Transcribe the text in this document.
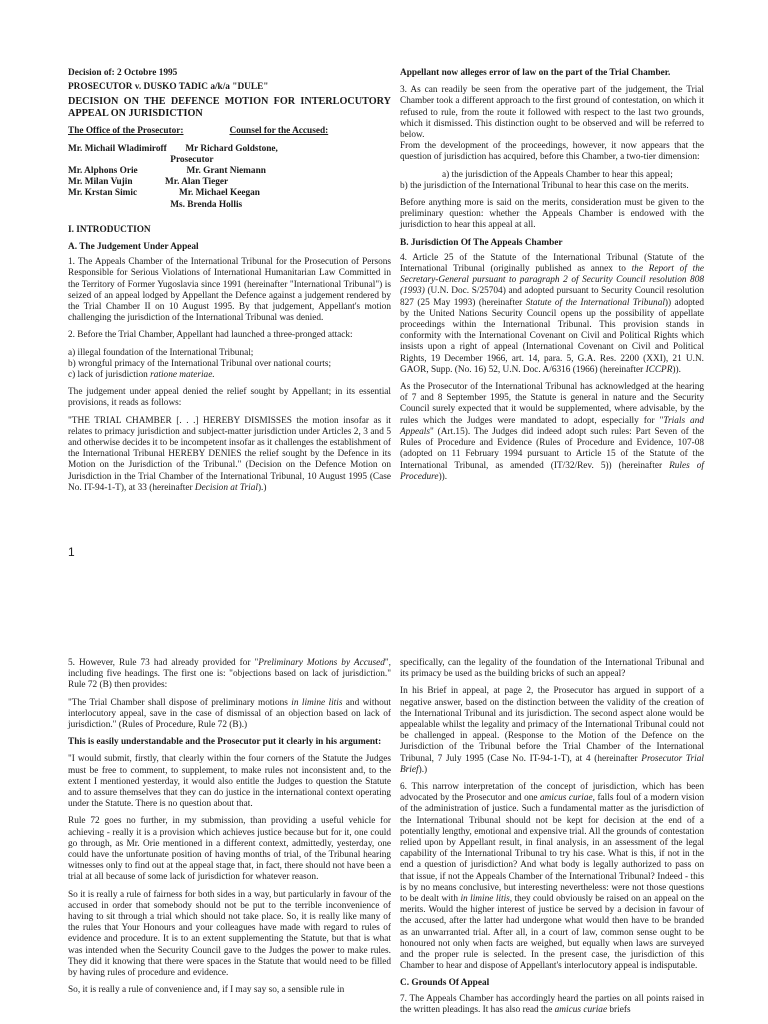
Decision of: 2 Octobre 1995
PROSECUTOR v. DUSKO TADIC a/k/a "DULE"
DECISION ON THE DEFENCE MOTION FOR INTERLOCUTORY APPEAL ON JURISDICTION
The Office of the Prosecutor:	Counsel for the Accused:
Mr. Michail Wladimiroff        Mr Richard Goldstone,
Prosecutor
Mr. Alphons Orie                     Mr. Grant Niemann
Mr. Milan Vujin              Mr. Alan Tieger
Mr. Krstan Simic                  Mr. Michael Keegan
Ms. Brenda Hollis
I. INTRODUCTION
A. The Judgement Under Appeal

1. The Appeals Chamber of the International Tribunal for the Prosecution of Persons Responsible for Serious Violations of International Humanitarian Law Committed in the Territory of Former Yugoslavia since 1991 (hereinafter "International Tribunal") is seized of an appeal lodged by Appellant the Defence against a judgement rendered by the Trial Chamber II on 10 August 1995. By that judgement, Appellant's motion challenging the jurisdiction of the International Tribunal was denied.

2. Before the Trial Chamber, Appellant had launched a three-pronged attack:

a) illegal foundation of the International Tribunal;
b) wrongful primacy of the International Tribunal over national courts;
c) lack of jurisdiction ratione materiae.

The judgement under appeal denied the relief sought by Appellant; in its essential provisions, it reads as follows:

"THE TRIAL CHAMBER [. . .] HEREBY DISMISSES the motion insofar as it relates to primacy jurisdiction and subject-matter jurisdiction under Articles 2, 3 and 5 and otherwise decides it to be incompetent insofar as it challenges the establishment of the International Tribunal HEREBY DENIES the relief sought by the Defence in its Motion on the Jurisdiction of the Tribunal." (Decision on the Defence Motion on Jurisdiction in the Trial Chamber of the International Tribunal, 10 August 1995 (Case No. IT-94-1-T), at 33 (hereinafter Decision at Trial).)

Appellant now alleges error of law on the part of the Trial Chamber.

3. As can readily be seen from the operative part of the judgement, the Trial Chamber took a different approach to the first ground of contestation, on which it refused to rule, from the route it followed with respect to the last two grounds, which it dismissed. This distinction ought to be observed and will be referred to below.

From the development of the proceedings, however, it now appears that the question of jurisdiction has acquired, before this Chamber, a two-tier dimension:

a) the jurisdiction of the Appeals Chamber to hear this appeal;

b) the jurisdiction of the International Tribunal to hear this case on the merits.

Before anything more is said on the merits, consideration must be given to the preliminary question: whether the Appeals Chamber is endowed with the jurisdiction to hear this appeal at all.

B. Jurisdiction Of The Appeals Chamber

4. Article 25 of the Statute of the International Tribunal (Statute of the International Tribunal (originally published as annex to the Report of the Secretary-General pursuant to paragraph 2 of Security Council resolution 808 (1993) (U.N. Doc. S/25704) and adopted pursuant to Security Council resolution 827 (25 May 1993) (hereinafter Statute of the International Tribunal)) adopted by the United Nations Security Council opens up the possibility of appellate proceedings within the International Tribunal. This provision stands in conformity with the International Covenant on Civil and Political Rights which insists upon a right of appeal (International Covenant on Civil and Political Rights, 19 December 1966, art. 14, para. 5, G.A. Res. 2200 (XXI), 21 U.N. GAOR, Supp. (No. 16) 52, U.N. Doc. A/6316 (1966) (hereinafter ICCPR)).

As the Prosecutor of the International Tribunal has acknowledged at the hearing of 7 and 8 September 1995, the Statute is general in nature and the Security Council surely expected that it would be supplemented, where advisable, by the rules which the Judges were mandated to adopt, especially for "Trials and Appeals" (Art.15). The Judges did indeed adopt such rules: Part Seven of the Rules of Procedure and Evidence (Rules of Procedure and Evidence, 107-08 (adopted on 11 February 1994 pursuant to Article 15 of the Statute of the International Tribunal, as amended (IT/32/Rev. 5)) (hereinafter Rules of Procedure)).

1

5. However, Rule 73 had already provided for "Preliminary Motions by Accused", including five headings. The first one is: "objections based on lack of jurisdiction." Rule 72 (B) then provides:

"The Trial Chamber shall dispose of preliminary motions in limine litis and without interlocutory appeal, save in the case of dismissal of an objection based on lack of jurisdiction." (Rules of Procedure, Rule 72 (B).)

This is easily understandable and the Prosecutor put it clearly in his argument:

"I would submit, firstly, that clearly within the four corners of the Statute the Judges must be free to comment, to supplement, to make rules not inconsistent and, to the extent I mentioned yesterday, it would also entitle the Judges to question the Statute and to assure themselves that they can do justice in the international context operating under the Statute. There is no question about that.

Rule 72 goes no further, in my submission, than providing a useful vehicle for achieving - really it is a provision which achieves justice because but for it, one could go through, as Mr. Orie mentioned in a different context, admittedly, yesterday, one could have the unfortunate position of having months of trial, of the Tribunal hearing witnesses only to find out at the appeal stage that, in fact, there should not have been a trial at all because of some lack of jurisdiction for whatever reason.

So it is really a rule of fairness for both sides in a way, but particularly in favour of the accused in order that somebody should not be put to the terrible inconvenience of having to sit through a trial which should not take place. So, it is really like many of the rules that Your Honours and your colleagues have made with regard to rules of evidence and procedure. It is to an extent supplementing the Statute, but that is what was intended when the Security Council gave to the Judges the power to make rules. They did it knowing that there were spaces in the Statute that would need to be filled by having rules of procedure and evidence.

So, it is really a rule of convenience and, if I may say so, a sensible rule in

specifically, can the legality of the foundation of the International Tribunal and its primacy be used as the building bricks of such an appeal?

In his Brief in appeal, at page 2, the Prosecutor has argued in support of a negative answer, based on the distinction between the validity of the creation of the International Tribunal and its jurisdiction. The second aspect alone would be appealable whilst the legality and primacy of the International Tribunal could not be challenged in appeal. (Response to the Motion of the Defence on the Jurisdiction of the Tribunal before the Trial Chamber of the International Tribunal, 7 July 1995 (Case No. IT-94-1-T), at 4 (hereinafter Prosecutor Trial Brief).)

6. This narrow interpretation of the concept of jurisdiction, which has been advocated by the Prosecutor and one amicus curiae, falls foul of a modern vision of the administration of justice. Such a fundamental matter as the jurisdiction of the International Tribunal should not be kept for decision at the end of a potentially lengthy, emotional and expensive trial. All the grounds of contestation relied upon by Appellant result, in final analysis, in an assessment of the legal capability of the International Tribunal to try his case. What is this, if not in the end a question of jurisdiction? And what body is legally authorized to pass on that issue, if not the Appeals Chamber of the International Tribunal? Indeed - this is by no means conclusive, but interesting nevertheless: were not those questions to be dealt with in limine litis, they could obviously be raised on an appeal on the merits. Would the higher interest of justice be served by a decision in favour of the accused, after the latter had undergone what would then have to be branded as an unwarranted trial. After all, in a court of law, common sense ought to be honoured not only when facts are weighed, but equally when laws are surveyed and the proper rule is selected. In the present case, the jurisdiction of this Chamber to hear and dispose of Appellant's interlocutory appeal is indisputable.

C. Grounds Of Appeal

7. The Appeals Chamber has accordingly heard the parties on all points raised in the written pleadings. It has also read the amicus curiae briefs
